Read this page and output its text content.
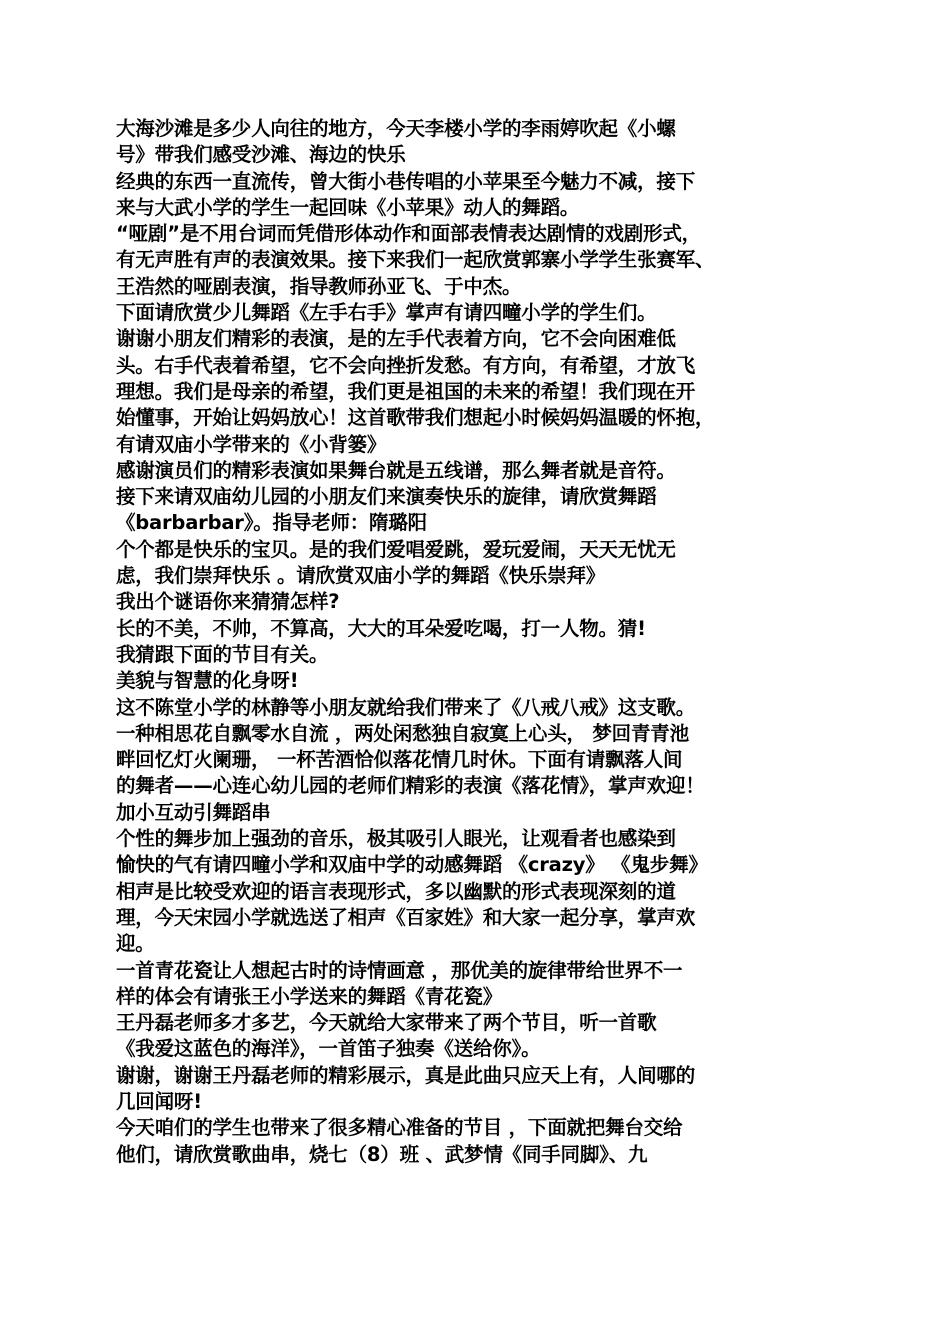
大海沙滩是多少人向往的地方，今天李楼小学的李雨婷吹起《小螺
号》带我们感受沙滩、海边的快乐
经典的东西一直流传，曾大街小巷传唱的小苹果至今魅力不减，接下
来与大武小学的学生一起回味《小苹果》动人的舞蹈。
“哑剧”是不用台词而凭借形体动作和面部表情表达剧情的戏剧形式，
有无声胜有声的表演效果。接下来我们一起欣赏郭寨小学学生张赛军、
王浩然的哑剧表演，指导教师孙亚飞、于中杰。
下面请欣赏少儿舞蹈《左手右手》掌声有请四疃小学的学生们。
谢谢小朋友们精彩的表演，是的左手代表着方向，它不会向困难低
头。右手代表着希望，它不会向挫折发愁。有方向，有希望，才放飞
理想。我们是母亲的希望，我们更是祖国的未来的希望！我们现在开
始懂事，开始让妈妈放心！这首歌带我们想起小时候妈妈温暖的怀抱，
有请双庙小学带来的《小背篓》
感谢演员们的精彩表演如果舞台就是五线谱，那么舞者就是音符。
接下来请双庙幼儿园的小朋友们来演奏快乐的旋律，请欣赏舞蹈
《barbarbar》。指导老师：隋璐阳
个个都是快乐的宝贝。是的我们爱唱爱跳，爱玩爱闹，天天无忧无
虑，我们崇拜快乐 。请欣赏双庙小学的舞蹈《快乐崇拜》
我出个谜语你来猜猜怎样?
长的不美，不帅，不算高，大大的耳朵爱吃喝，打一人物。猜!
我猜跟下面的节目有关。
美貌与智慧的化身呀!
这不陈堂小学的林静等小朋友就给我们带来了《八戒八戒》这支歌。
一种相思花自飘零水自流 ，两处闲愁独自寂寞上心头， 梦回青青池
畔回忆灯火阑珊， 一杯苦酒恰似落花情几时休。下面有请飘落人间
的舞者——心连心幼儿园的老师们精彩的表演《落花情》，掌声欢迎！
加小互动引舞蹈串
个性的舞步加上强劲的音乐，极其吸引人眼光，让观看者也感染到
愉快的气有请四疃小学和双庙中学的动感舞蹈 《crazy》 《鬼步舞》
相声是比较受欢迎的语言表现形式，多以幽默的形式表现深刻的道
理，今天宋园小学就选送了相声《百家姓》和大家一起分享，掌声欢
迎。
一首青花瓷让人想起古时的诗情画意 ，那优美的旋律带给世界不一
样的体会有请张王小学送来的舞蹈《青花瓷》
王丹磊老师多才多艺，今天就给大家带来了两个节目，听一首歌
《我爱这蓝色的海洋》，一首笛子独奏《送给你》。
谢谢，谢谢王丹磊老师的精彩展示，真是此曲只应天上有，人间哪的
几回闻呀!
今天咱们的学生也带来了很多精心准备的节目 ，下面就把舞台交给
他们，请欣赏歌曲串，烧七（8）班 、武梦情《同手同脚》、九
